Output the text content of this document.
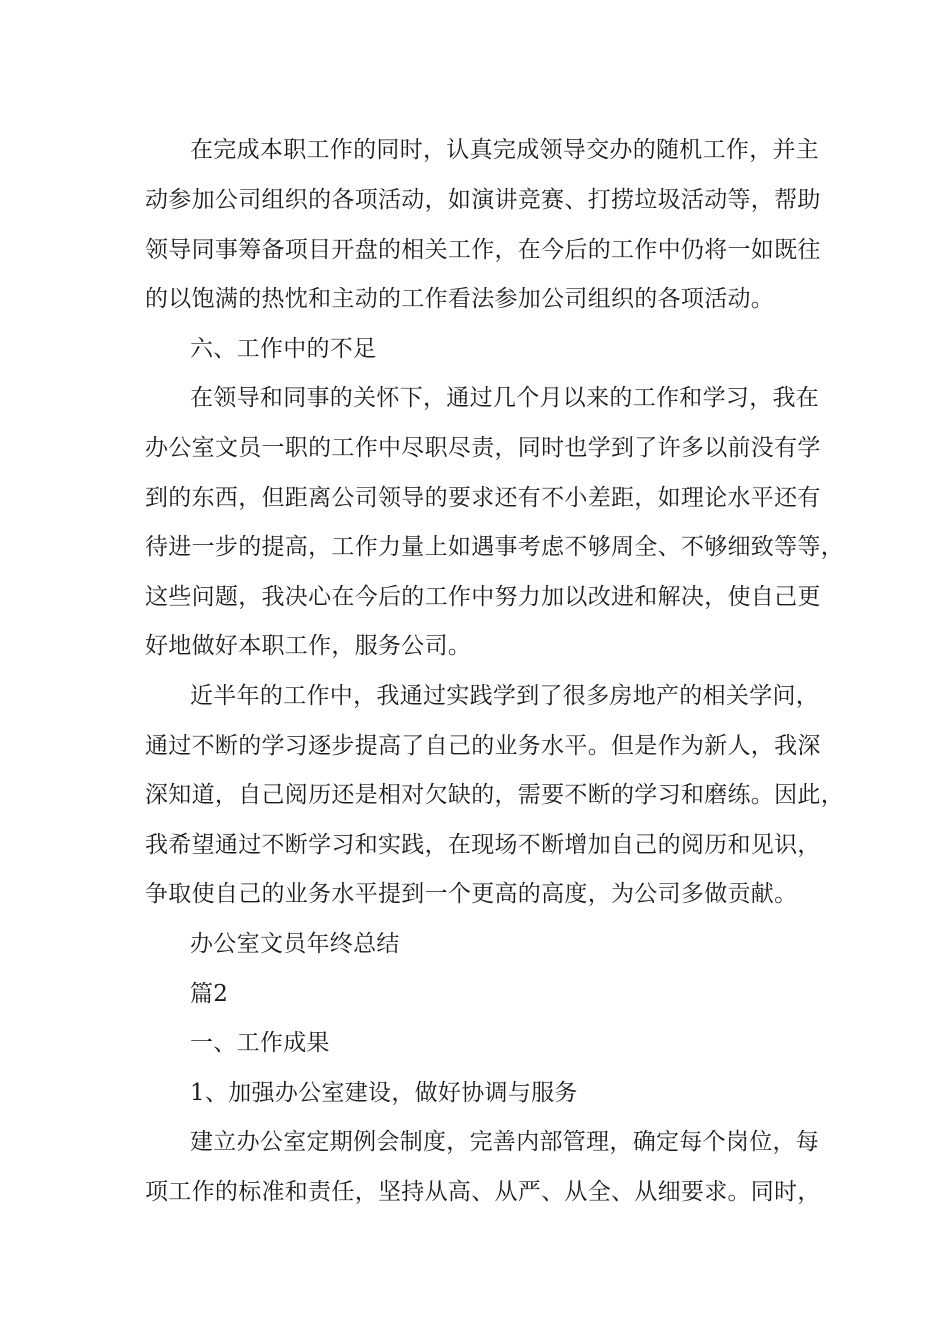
在完成本职工作的同时，认真完成领导交办的随机工作，并主
动参加公司组织的各项活动，如演讲竞赛、打捞垃圾活动等，帮助
领导同事筹备项目开盘的相关工作，在今后的工作中仍将一如既往
的以饱满的热忱和主动的工作看法参加公司组织的各项活动。
六、工作中的不足
在领导和同事的关怀下，通过几个月以来的工作和学习，我在
办公室文员一职的工作中尽职尽责，同时也学到了许多以前没有学
到的东西，但距离公司领导的要求还有不小差距，如理论水平还有
待进一步的提高，工作力量上如遇事考虑不够周全、不够细致等等，
这些问题，我决心在今后的工作中努力加以改进和解决，使自己更
好地做好本职工作，服务公司。
近半年的工作中，我通过实践学到了很多房地产的相关学问，
通过不断的学习逐步提高了自己的业务水平。但是作为新人，我深
深知道，自己阅历还是相对欠缺的，需要不断的学习和磨练。因此，
我希望通过不断学习和实践，在现场不断增加自己的阅历和见识，
争取使自己的业务水平提到一个更高的高度，为公司多做贡献。
办公室文员年终总结
篇2
一、工作成果
1、加强办公室建设，做好协调与服务
建立办公室定期例会制度，完善内部管理，确定每个岗位，每
项工作的标准和责任，坚持从高、从严、从全、从细要求。同时，
